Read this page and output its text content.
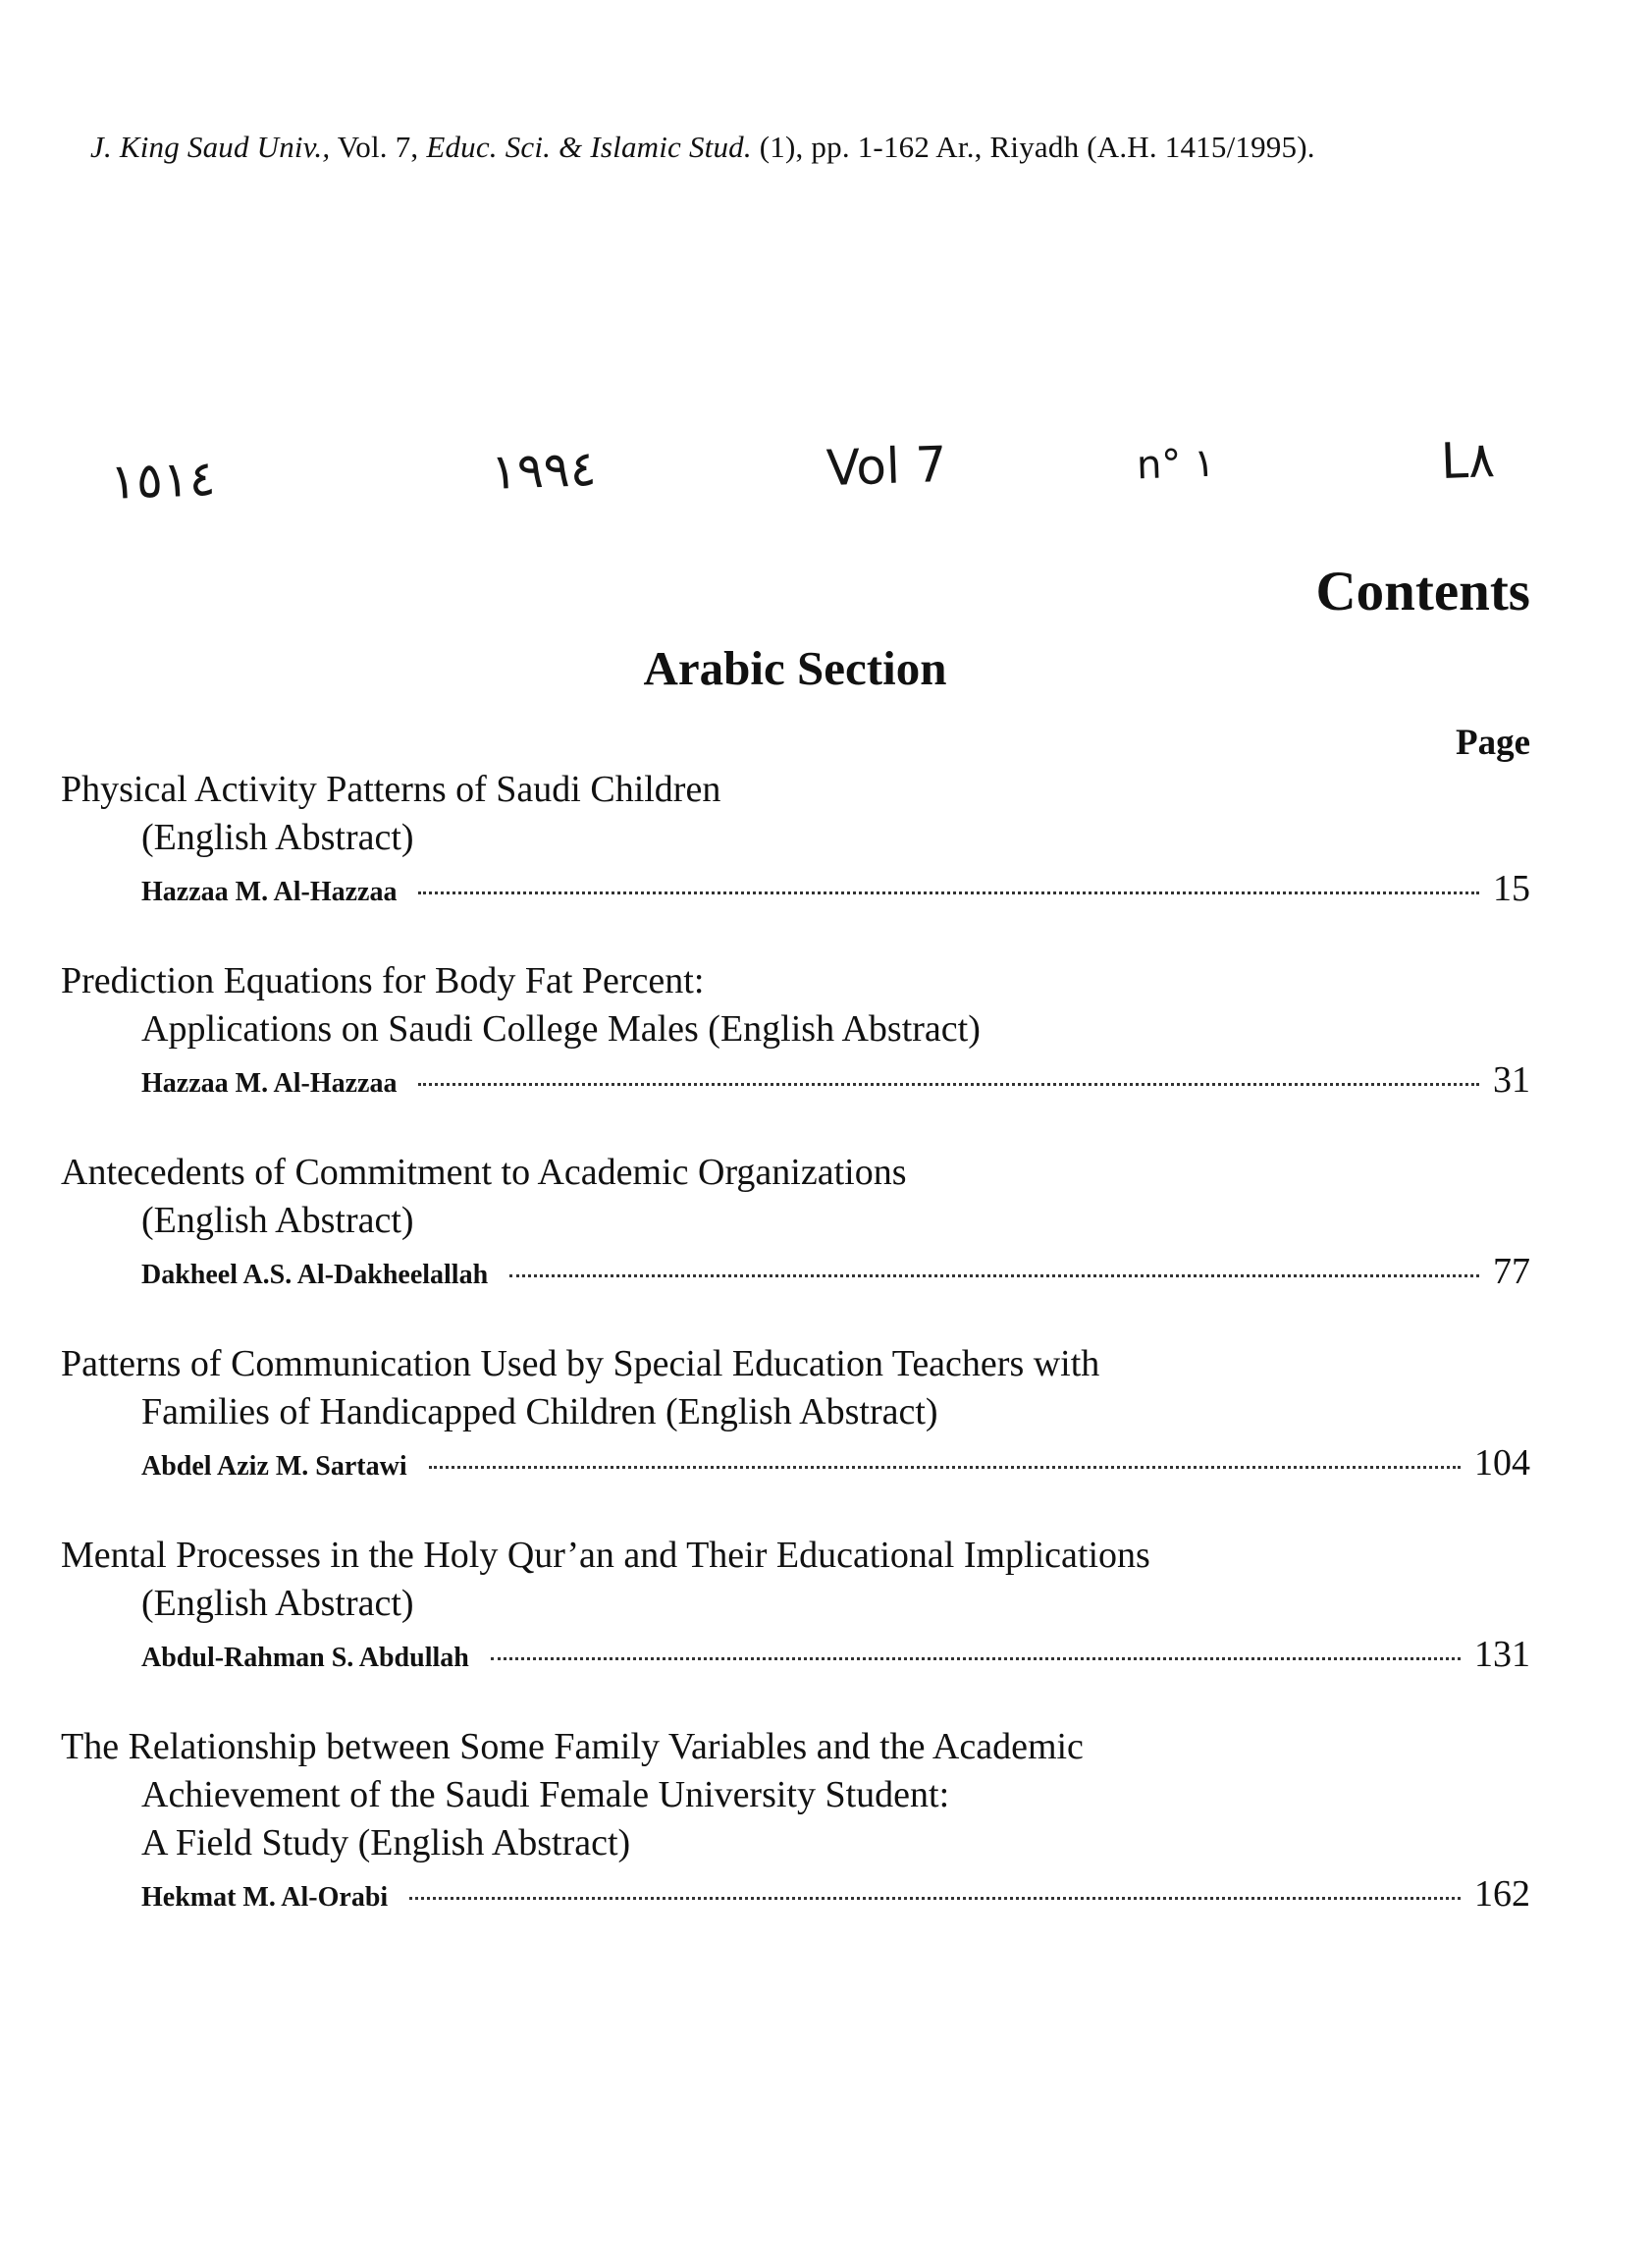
J. King Saud Univ., Vol. 7, Educ. Sci. & Islamic Stud. (1), pp. 1-162 Ar., Riyadh (A.H. 1415/1995).
١٥١٤	١٩٩٤	Vol 7	n° ١	L٨
Contents
Arabic Section
Page
Physical Activity Patterns of Saudi Children
(English Abstract)
Hazzaa M. Al-Hazzaa	15
Prediction Equations for Body Fat Percent:
Applications on Saudi College Males (English Abstract)
Hazzaa M. Al-Hazzaa	31
Antecedents of Commitment to Academic Organizations
(English Abstract)
Dakheel A.S. Al-Dakheelallah	77
Patterns of Communication Used by Special Education Teachers with
Families of Handicapped Children (English Abstract)
Abdel Aziz M. Sartawi	104
Mental Processes in the Holy Qur’an and Their Educational Implications
(English Abstract)
Abdul-Rahman S. Abdullah	131
The Relationship between Some Family Variables and the Academic
Achievement of the Saudi Female University Student:
A Field Study (English Abstract)
Hekmat M. Al-Orabi	162
